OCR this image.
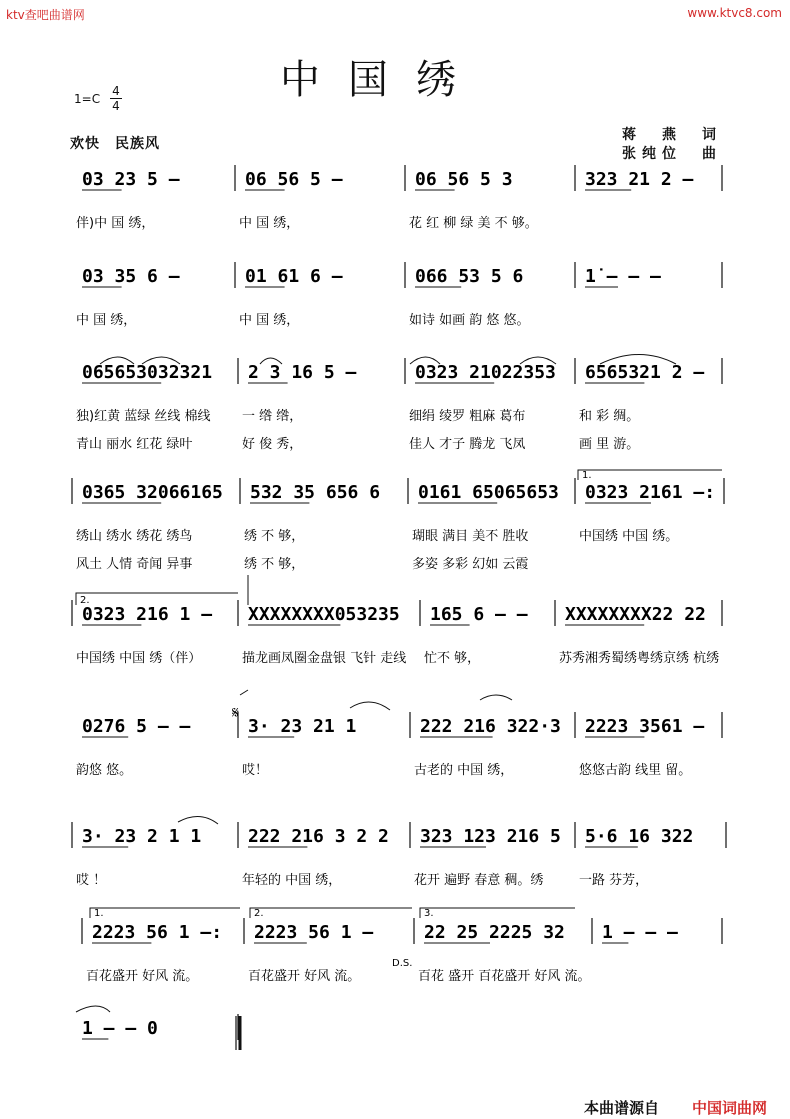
ktv查吧曲谱网	www.ktvc8.com
中国绣
$1=C \frac{4}{4}$
欢快　民族风
蒋　燕　词
张纯位　曲
03 23 5 –	06 56 5 –	06 56 5 3	323 21 2 –
03 35 6 –	01 61 6 –	066 53 5 6	1̇ – – –
065653032321 2 3 16 5 –	0323 21022353 6565321 2 –
0365 32066165 532 35 656 6 0161 65065653 0323 2161 –:
0323 216 1 – XXXXXXXX053235 165 6 – – XXXXXXXX22 22
0276 5 – –	3· 23 21 1	222 216 322·3 2223 3561 –
3· 23 2 1 1	222 216 3 2 2 323 123 216 5 5·6 16 322
2223 56 1 –: 2223 56 1 –	22 25 2225 32 1 – – –
1 – – 0
伴)中 国 绣，	中 国 绣，	花 红 柳 绿 美 不 够。
中 国 绣，	中 国 绣，	如诗 如画 韵 悠 悠。
独)红黄 蓝绿 丝线 棉线 一 绺 绺，	细绢 绫罗 粗麻 葛布	和 彩 绸。
青山 丽水 红花 绿叶	好 俊 秀，	佳人 才子 腾龙 飞凤	画 里 游。
绣山 绣水 绣花 绣鸟	绣 不 够，	瑚眼 满目 美不 胜收	中国绣 中国 绣。
风土 人情 奇闻 异事	绣 不 够，	多姿 多彩 幻如 云霞
中国绣 中国 绣（伴）	描龙画凤圈金盘银 飞针 走线 忙不 够，	苏秀湘秀蜀绣粤绣京绣 杭绣
韵悠 悠。	哎！	古老的 中国 绣，	悠悠古韵 线里 留。
哎 ！	年轻的 中国 绣，	花开 遍野 春意 稠。绣	一路 芬芳，
百花盛开 好风 流。	百花盛开 好风 流。	百花 盛开 百花盛开 好风 流。
1.
2.
1.	2.	3.
D.S.
𝄋
本曲谱源自 中国词曲网
